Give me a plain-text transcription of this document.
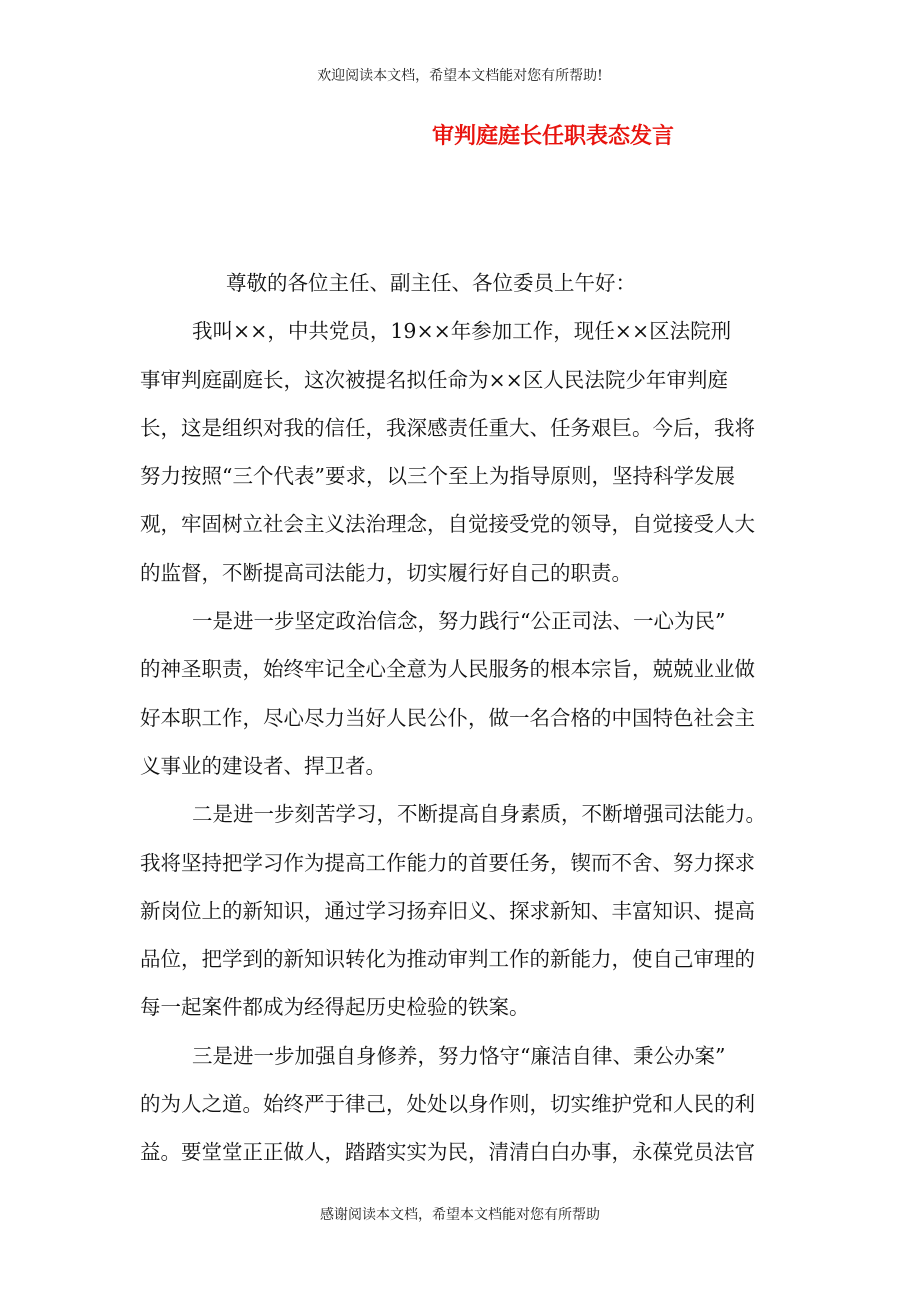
欢迎阅读本文档，希望本文档能对您有所帮助!
审判庭庭长任职表态发言
尊敬的各位主任、副主任、各位委员上午好：
我叫××，中共党员，19××年参加工作，现任××区法院刑
事审判庭副庭长，这次被提名拟任命为××区人民法院少年审判庭
长，这是组织对我的信任，我深感责任重大、任务艰巨。今后，我将
努力按照“三个代表”要求，以三个至上为指导原则，坚持科学发展
观，牢固树立社会主义法治理念，自觉接受党的领导，自觉接受人大
的监督，不断提高司法能力，切实履行好自己的职责。
一是进一步坚定政治信念，努力践行“公正司法、一心为民”
的神圣职责，始终牢记全心全意为人民服务的根本宗旨，兢兢业业做
好本职工作，尽心尽力当好人民公仆，做一名合格的中国特色社会主
义事业的建设者、捍卫者。
二是进一步刻苦学习，不断提高自身素质，不断增强司法能力。
我将坚持把学习作为提高工作能力的首要任务，锲而不舍、努力探求
新岗位上的新知识，通过学习扬弃旧义、探求新知、丰富知识、提高
品位，把学到的新知识转化为推动审判工作的新能力，使自己审理的
每一起案件都成为经得起历史检验的铁案。
三是进一步加强自身修养，努力恪守“廉洁自律、秉公办案”
的为人之道。始终严于律己，处处以身作则，切实维护党和人民的利
益。要堂堂正正做人，踏踏实实为民，清清白白办事，永葆党员法官
感谢阅读本文档，希望本文档能对您有所帮助
